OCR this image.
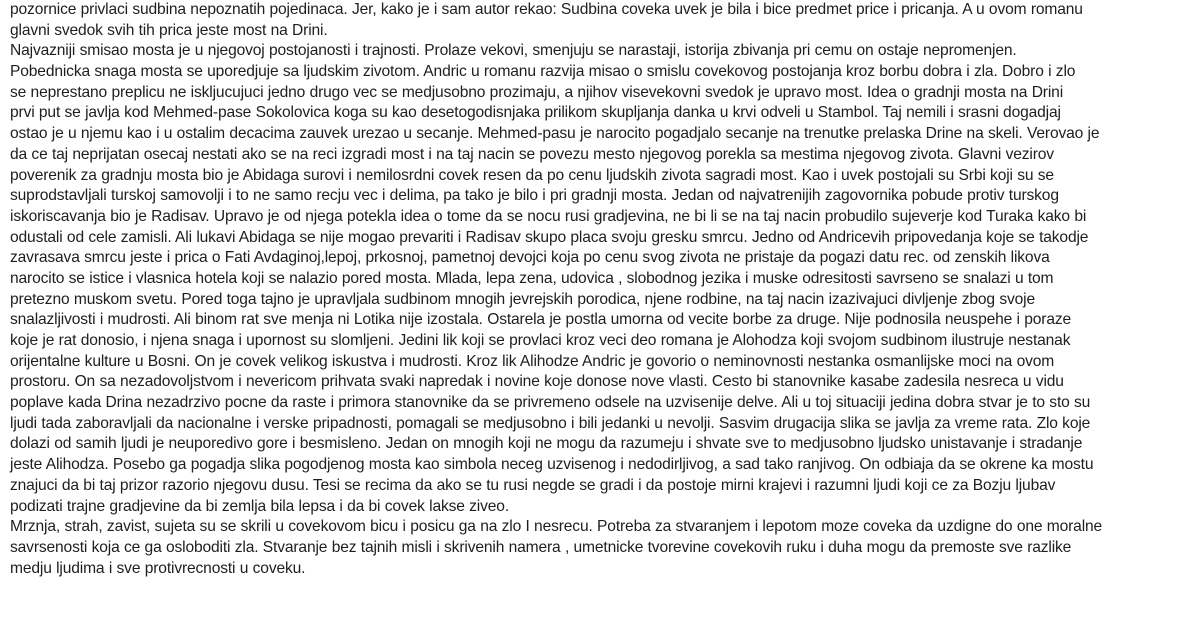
pozornice privlaci sudbina nepoznatih pojedinaca. Jer, kako je i sam autor rekao: Sudbina coveka uvek je bila i bice predmet price i pricanja. A u ovom romanu
glavni svedok svih tih prica jeste most na Drini.
Najvazniji smisao mosta je u njegovoj postojanosti i trajnosti. Prolaze vekovi, smenjuju se narastaji, istorija zbivanja pri cemu on ostaje nepromenjen.
Pobednicka snaga mosta se uporedjuje sa ljudskim zivotom. Andric u romanu razvija misao o smislu covekovog postojanja kroz borbu dobra i zla. Dobro i zlo
se neprestano preplicu ne iskljucujuci jedno drugo vec se medjusobno prozimaju, a njihov visevekovni svedok je upravo most. Idea o gradnji mosta na Drini
prvi put se javlja kod Mehmed-pase Sokolovica koga su kao desetogodisnjaka prilikom skupljanja danka u krvi odveli u Stambol. Taj nemili i srasni dogadjaj
ostao je u njemu kao i u ostalim decacima zauvek urezao u secanje. Mehmed-pasu je narocito pogadjalo secanje na trenutke prelaska Drine na skeli. Verovao je
da ce taj neprijatan osecaj nestati ako se na reci izgradi most i na taj nacin se povezu mesto njegovog porekla sa mestima njegovog zivota. Glavni vezirov
poverenik za gradnju mosta bio je Abidaga surovi i nemilosrdni covek resen da po cenu ljudskih zivota sagradi most. Kao i uvek postojali su Srbi koji su se
suprodstavljali turskoj samovolji i to ne samo recju vec i delima, pa tako je bilo i pri gradnji mosta. Jedan od najvatrenijih zagovornika pobude protiv turskog
iskoriscavanja bio je Radisav. Upravo je od njega potekla idea o tome da se nocu rusi gradjevina, ne bi li se na taj nacin probudilo sujeverje kod Turaka kako bi
odustali od cele zamisli. Ali lukavi Abidaga se nije mogao prevariti i Radisav skupo placa svoju gresku smrcu. Jedno od Andricevih pripovedanja koje se takodje
zavrasava smrcu jeste i prica o Fati Avdaginoj,lepoj, prkosnoj, pametnoj devojci koja po cenu svog zivota ne pristaje da pogazi datu rec. od zenskih likova
narocito se istice i vlasnica hotela koji se nalazio pored mosta. Mlada, lepa zena, udovica , slobodnog jezika i muske odresitosti savrseno se snalazi u tom
pretezno muskom svetu. Pored toga tajno je upravljala sudbinom mnogih jevrejskih porodica, njene rodbine, na taj nacin izazivajuci divljenje zbog svoje
snalazljivosti i mudrosti. Ali binom rat sve menja ni Lotika nije izostala. Ostarela je postla umorna od vecite borbe za druge. Nije podnosila neuspehe i poraze
koje je rat donosio, i njena snaga i upornost su slomljeni. Jedini lik koji se provlaci kroz veci deo romana je Alohodza koji svojom sudbinom ilustruje nestanak
orijentalne kulture u Bosni. On je covek velikog iskustva i mudrosti. Kroz lik Alihodze Andric je govorio o neminovnosti nestanka osmanlijske moci na ovom
prostoru. On sa nezadovoljstvom i nevericom prihvata svaki napredak i novine koje donose nove vlasti. Cesto bi stanovnike kasabe zadesila nesreca u vidu
poplave kada Drina nezadrzivo pocne da raste i primora stanovnike da se privremeno odsele na uzvisenije delve. Ali u toj situaciji jedina dobra stvar je to sto su
ljudi tada zaboravljali da nacionalne i verske pripadnosti, pomagali se medjusobno i bili jedanki u nevolji. Sasvim drugacija slika se javlja za vreme rata. Zlo koje
dolazi od samih ljudi je neuporedivo gore i besmisleno. Jedan on mnogih koji ne mogu da razumeju i shvate sve to medjusobno ljudsko unistavanje i stradanje
jeste Alihodza. Posebo ga pogadja slika pogodjenog mosta kao simbola neceg uzvisenog i nedodirljivog, a sad tako ranjivog. On odbiaja da se okrene ka mostu
znajuci da bi taj prizor razorio njegovu dusu. Tesi se recima da ako se tu rusi negde se gradi i da postoje mirni krajevi i razumni ljudi koji ce za Bozju ljubav
podizati trajne gradjevine da bi zemlja bila lepsa i da bi covek lakse ziveo.
Mrznja, strah, zavist, sujeta su se skrili u covekovom bicu i posicu ga na zlo I nesrecu. Potreba za stvaranjem i lepotom moze coveka da uzdigne do one moralne
savrsenosti koja ce ga osloboditi zla. Stvaranje bez tajnih misli i skrivenih namera , umetnicke tvorevine covekovih ruku i duha mogu da premoste sve razlike
medju ljudima i sve protivrecnosti u coveku.
